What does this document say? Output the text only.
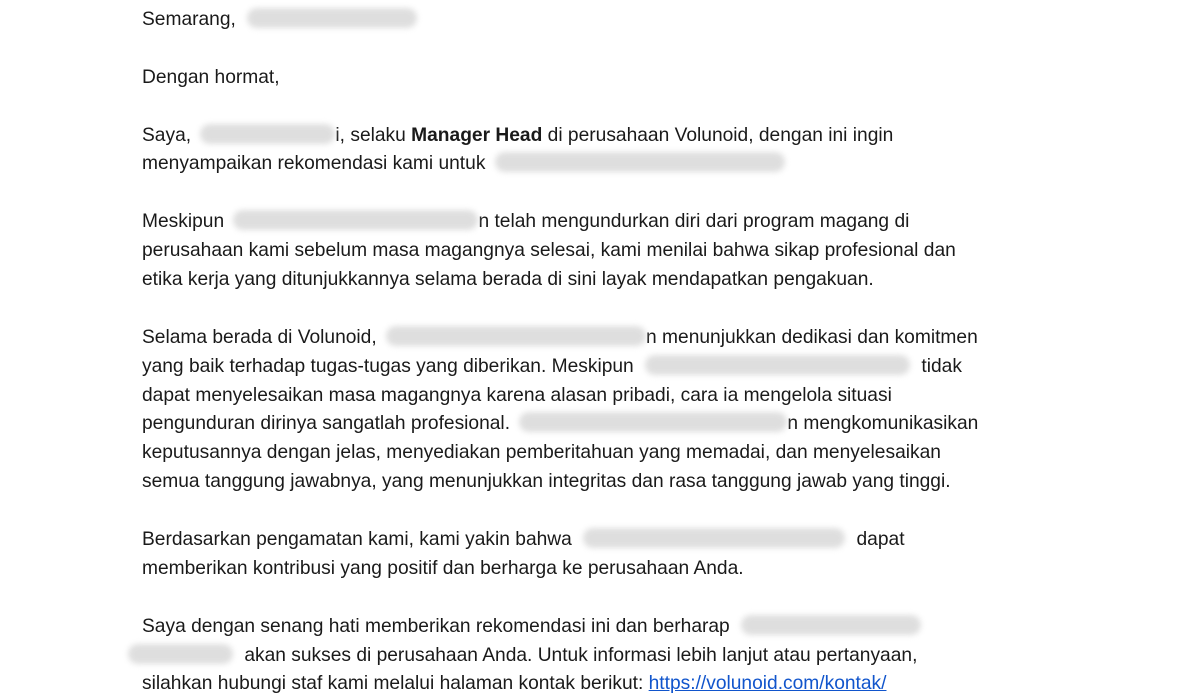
Semarang,
Dengan hormat,
Saya,	i, selaku Manager Head di perusahaan Volunoid, dengan ini ingin
menyampaikan rekomendasi kami untuk
Meskipun	n telah mengundurkan diri dari program magang di
perusahaan kami sebelum masa magangnya selesai, kami menilai bahwa sikap profesional dan
etika kerja yang ditunjukkannya selama berada di sini layak mendapatkan pengakuan.
Selama berada di Volunoid,	n menunjukkan dedikasi dan komitmen
yang baik terhadap tugas-tugas yang diberikan. Meskipun	tidak
dapat menyelesaikan masa magangnya karena alasan pribadi, cara ia mengelola situasi
pengunduran dirinya sangatlah profesional.	n mengkomunikasikan
keputusannya dengan jelas, menyediakan pemberitahuan yang memadai, dan menyelesaikan
semua tanggung jawabnya, yang menunjukkan integritas dan rasa tanggung jawab yang tinggi.
Berdasarkan pengamatan kami, kami yakin bahwa	dapat
memberikan kontribusi yang positif dan berharga ke perusahaan Anda.
Saya dengan senang hati memberikan rekomendasi ini dan berharap
akan sukses di perusahaan Anda. Untuk informasi lebih lanjut atau pertanyaan,
silahkan hubungi staf kami melalui halaman kontak berikut: https://volunoid.com/kontak/
